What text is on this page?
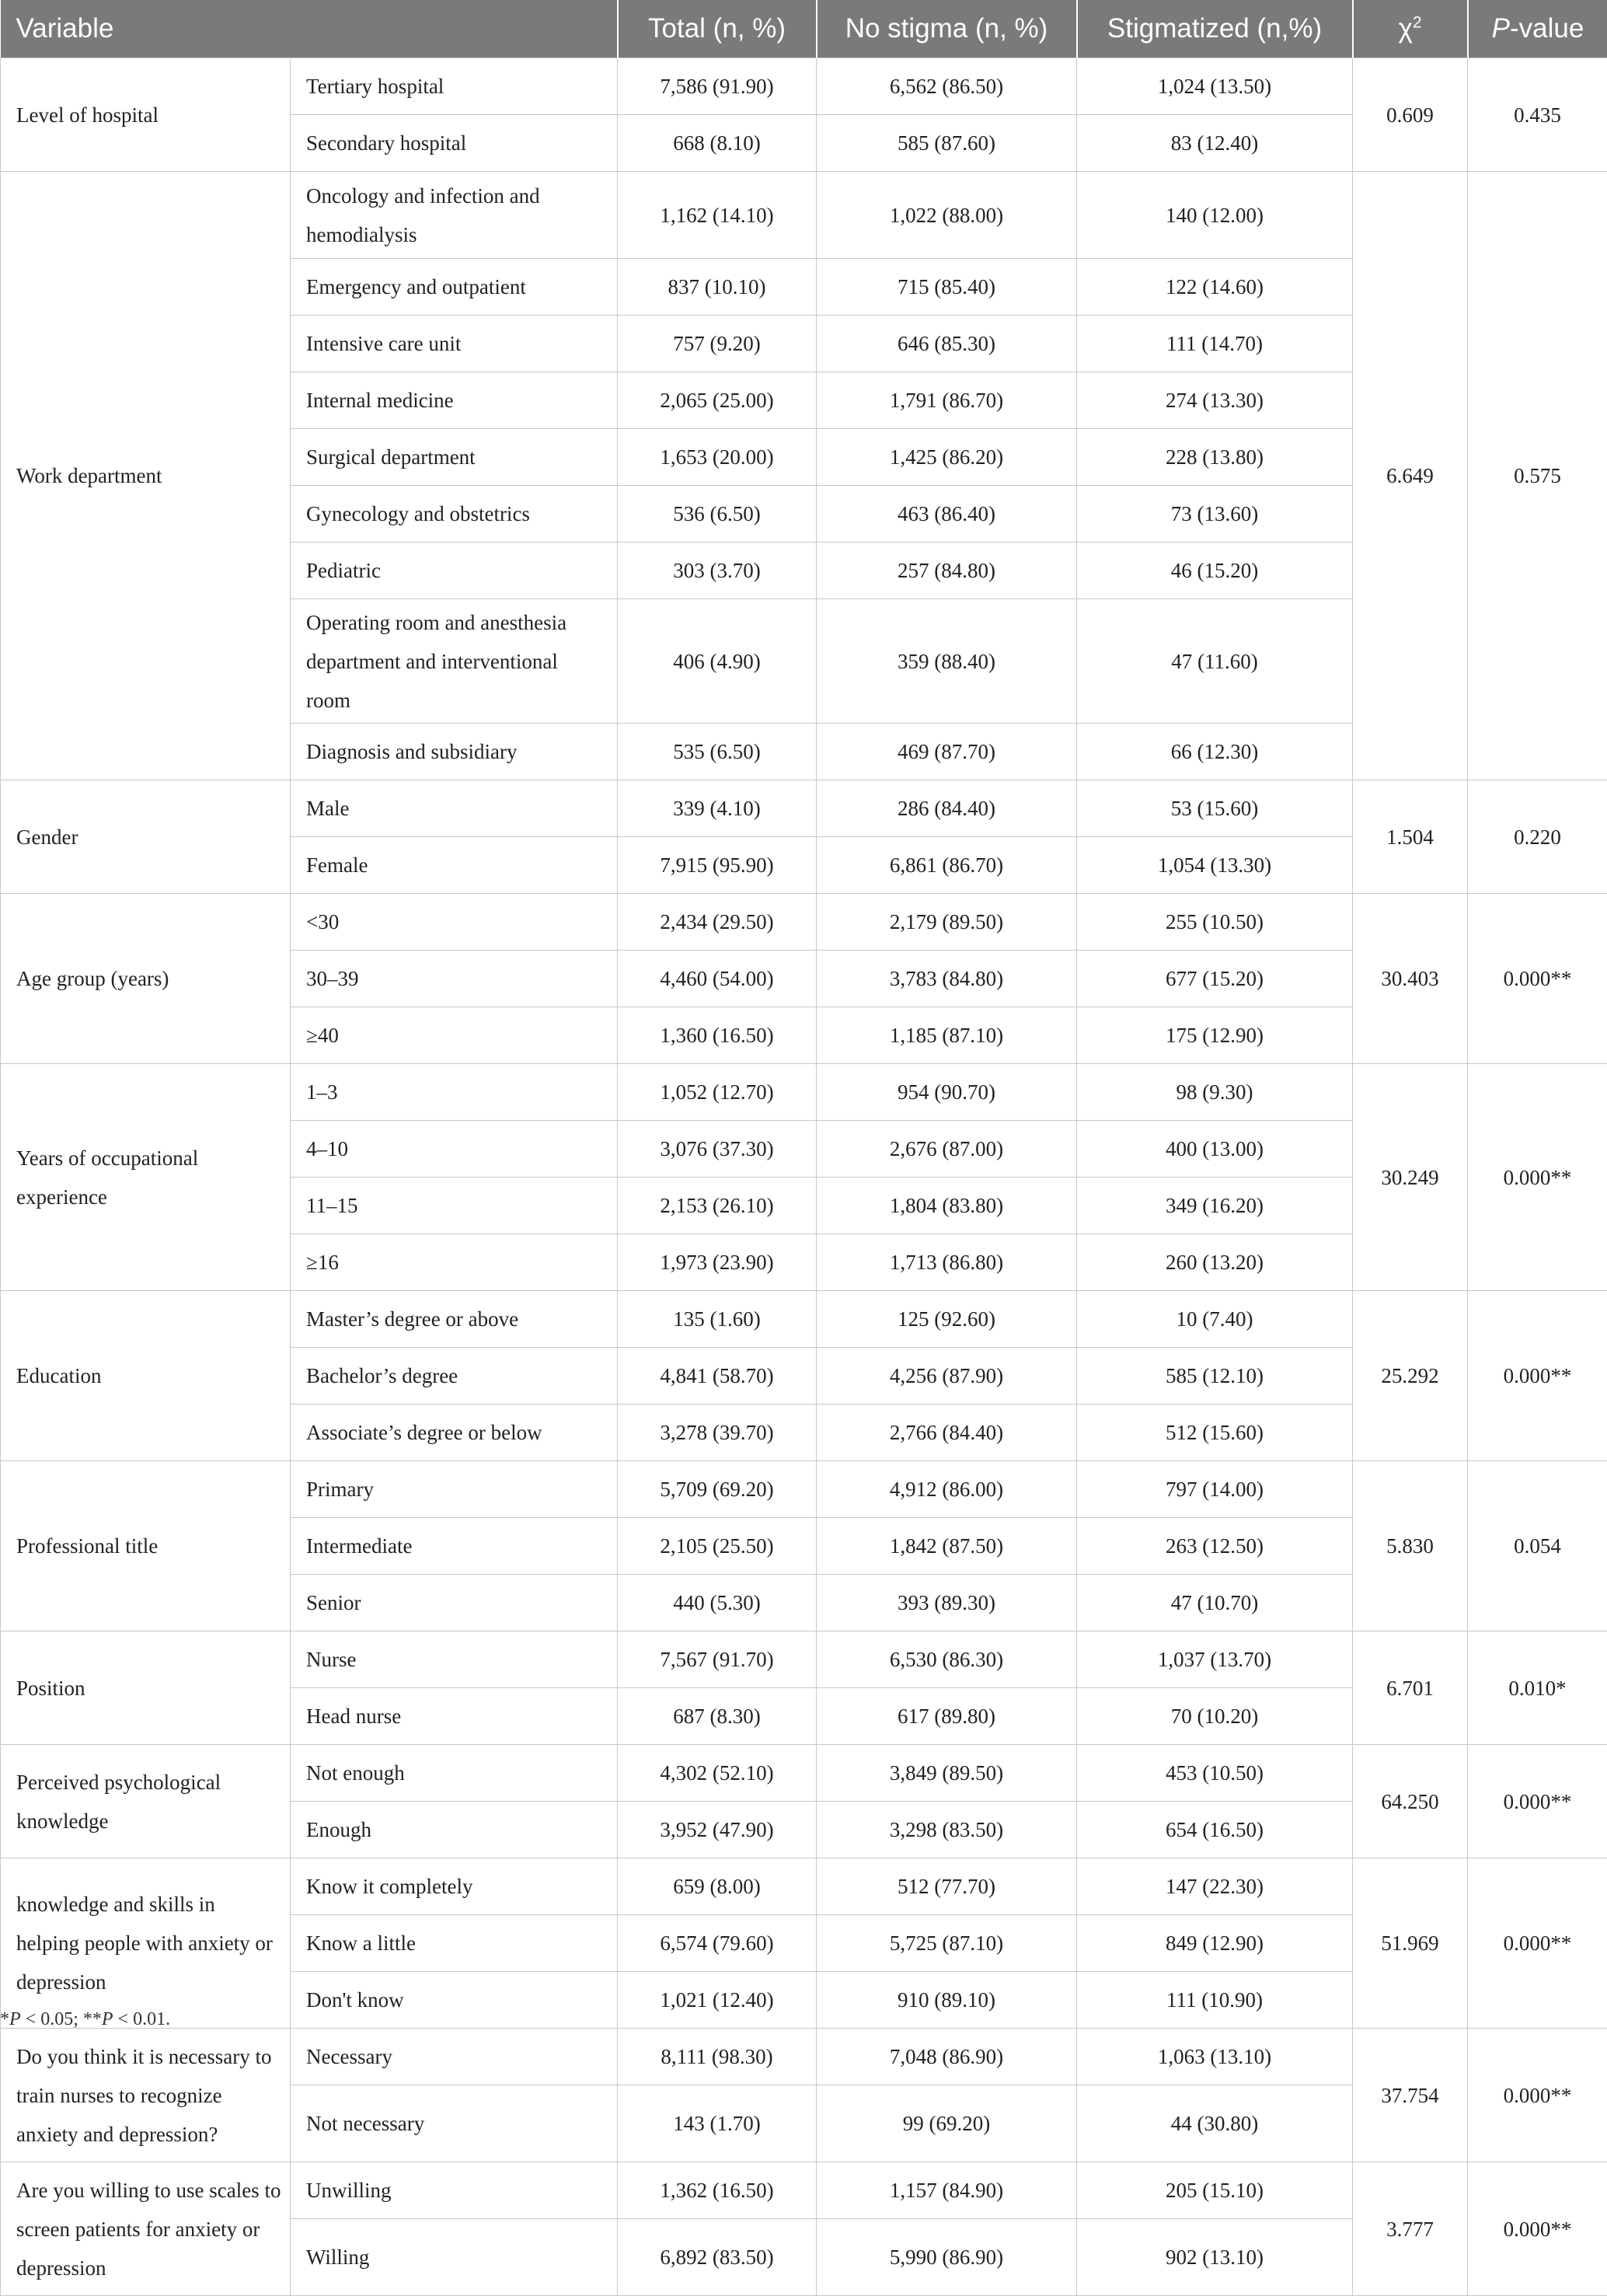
Variable		Total (n, %)	No stigma (n, %)	Stigmatized (n,%)	$\chi^2$	P-value
Level of hospital	Tertiary hospital	7,586 (91.90)	6,562 (86.50)	1,024 (13.50)	0.609	0.435
	Secondary hospital	668 (8.10)	585 (87.60)	83 (12.40)		
Work department	Oncology and infection and hemodialysis	1,162 (14.10)	1,022 (88.00)	140 (12.00)	6.649	0.575
	Emergency and outpatient	837 (10.10)	715 (85.40)	122 (14.60)		
	Intensive care unit	757 (9.20)	646 (85.30)	111 (14.70)		
	Internal medicine	2,065 (25.00)	1,791 (86.70)	274 (13.30)		
	Surgical department	1,653 (20.00)	1,425 (86.20)	228 (13.80)		
	Gynecology and obstetrics	536 (6.50)	463 (86.40)	73 (13.60)		
	Pediatric	303 (3.70)	257 (84.80)	46 (15.20)		
	Operating room and anesthesia department and interventional room	406 (4.90)	359 (88.40)	47 (11.60)		
	Diagnosis and subsidiary	535 (6.50)	469 (87.70)	66 (12.30)		
Gender	Male	339 (4.10)	286 (84.40)	53 (15.60)	1.504	0.220
	Female	7,915 (95.90)	6,861 (86.70)	1,054 (13.30)		
Age group (years)	<30	2,434 (29.50)	2,179 (89.50)	255 (10.50)	30.403	0.000**
	30–39	4,460 (54.00)	3,783 (84.80)	677 (15.20)		
	≥40	1,360 (16.50)	1,185 (87.10)	175 (12.90)		
Years of occupational experience	1–3	1,052 (12.70)	954 (90.70)	98 (9.30)	30.249	0.000**
	4–10	3,076 (37.30)	2,676 (87.00)	400 (13.00)		
	11–15	2,153 (26.10)	1,804 (83.80)	349 (16.20)		
	≥16	1,973 (23.90)	1,713 (86.80)	260 (13.20)		
Education	Master’s degree or above	135 (1.60)	125 (92.60)	10 (7.40)	25.292	0.000**
	Bachelor’s degree	4,841 (58.70)	4,256 (87.90)	585 (12.10)		
	Associate’s degree or below	3,278 (39.70)	2,766 (84.40)	512 (15.60)		
Professional title	Primary	5,709 (69.20)	4,912 (86.00)	797 (14.00)	5.830	0.054
	Intermediate	2,105 (25.50)	1,842 (87.50)	263 (12.50)		
	Senior	440 (5.30)	393 (89.30)	47 (10.70)		
Position	Nurse	7,567 (91.70)	6,530 (86.30)	1,037 (13.70)	6.701	0.010*
	Head nurse	687 (8.30)	617 (89.80)	70 (10.20)		
Perceived psychological knowledge	Not enough	4,302 (52.10)	3,849 (89.50)	453 (10.50)	64.250	0.000**
	Enough	3,952 (47.90)	3,298 (83.50)	654 (16.50)		
knowledge and skills in helping people with anxiety or depression	Know it completely	659 (8.00)	512 (77.70)	147 (22.30)	51.969	0.000**
	Know a little	6,574 (79.60)	5,725 (87.10)	849 (12.90)		
	Don't know	1,021 (12.40)	910 (89.10)	111 (10.90)		
Do you think it is necessary to train nurses to recognize anxiety and depression?	Necessary	8,111 (98.30)	7,048 (86.90)	1,063 (13.10)	37.754	0.000**
	Not necessary	143 (1.70)	99 (69.20)	44 (30.80)		
Are you willing to use scales to screen patients for anxiety or depression	Unwilling	1,362 (16.50)	1,157 (84.90)	205 (15.10)	3.777	0.000**
	Willing	6,892 (83.50)	5,990 (86.90)	902 (13.10)		
*P < 0.05; **P < 0.01.
